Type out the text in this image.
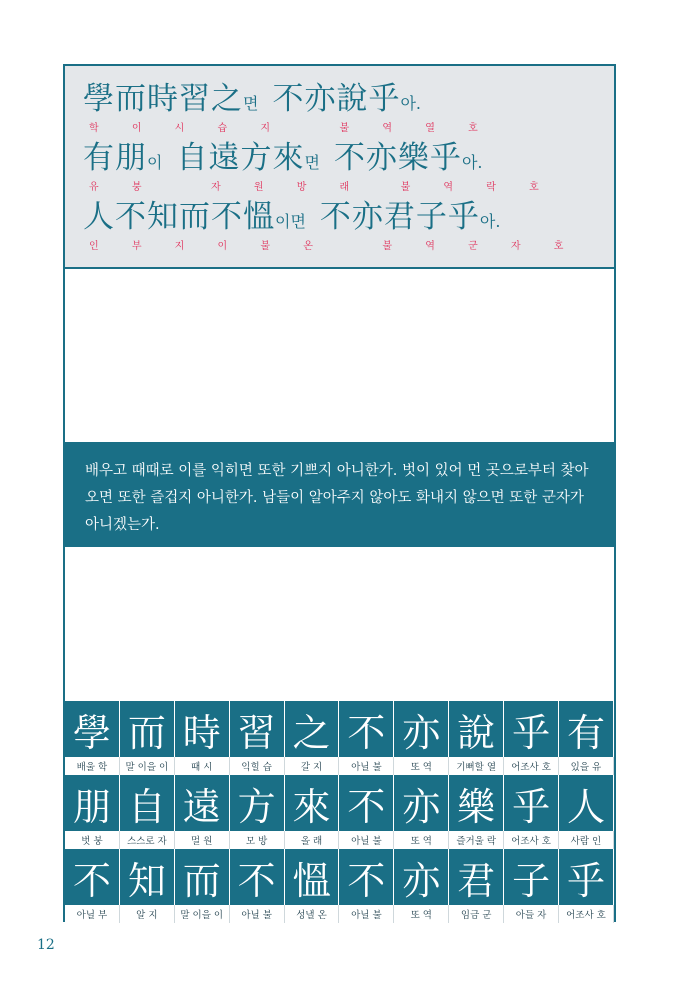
學而時習之면 不亦說乎아.
학 이 시 습 지   불 역 열 호
有朋이 自遠方來면 不亦樂乎아.
유 붕   자 원 방 래  불 역 락 호
人不知而不慍이면 不亦君子乎아.
인 부 지 이 불 온   불 역 군 자 호
배우고 때때로 이를 익히면 또한 기쁘지 아니한가. 벗이 있어 먼 곳으로부터 찾아오면 또한 즐겁지 아니한가. 남들이 알아주지 않아도 화내지 않으면 또한 군자가 아니겠는가.
學
배울 학
而
말 이을 이
時
때 시
習
익힐 습
之
갈 지
不
아닐 불
亦
또 역
說
기뻐할 열
乎
어조사 호
有
있을 유
朋
벗 붕
自
스스로 자
遠
멀 원
方
모 방
來
올 래
不
아닐 불
亦
또 역
樂
즐거울 락
乎
어조사 호
人
사람 인
不
아닐 부
知
알 지
而
말 이을 이
不
아닐 불
慍
성낼 온
不
아닐 불
亦
또 역
君
임금 군
子
아들 자
乎
어조사 호
12
